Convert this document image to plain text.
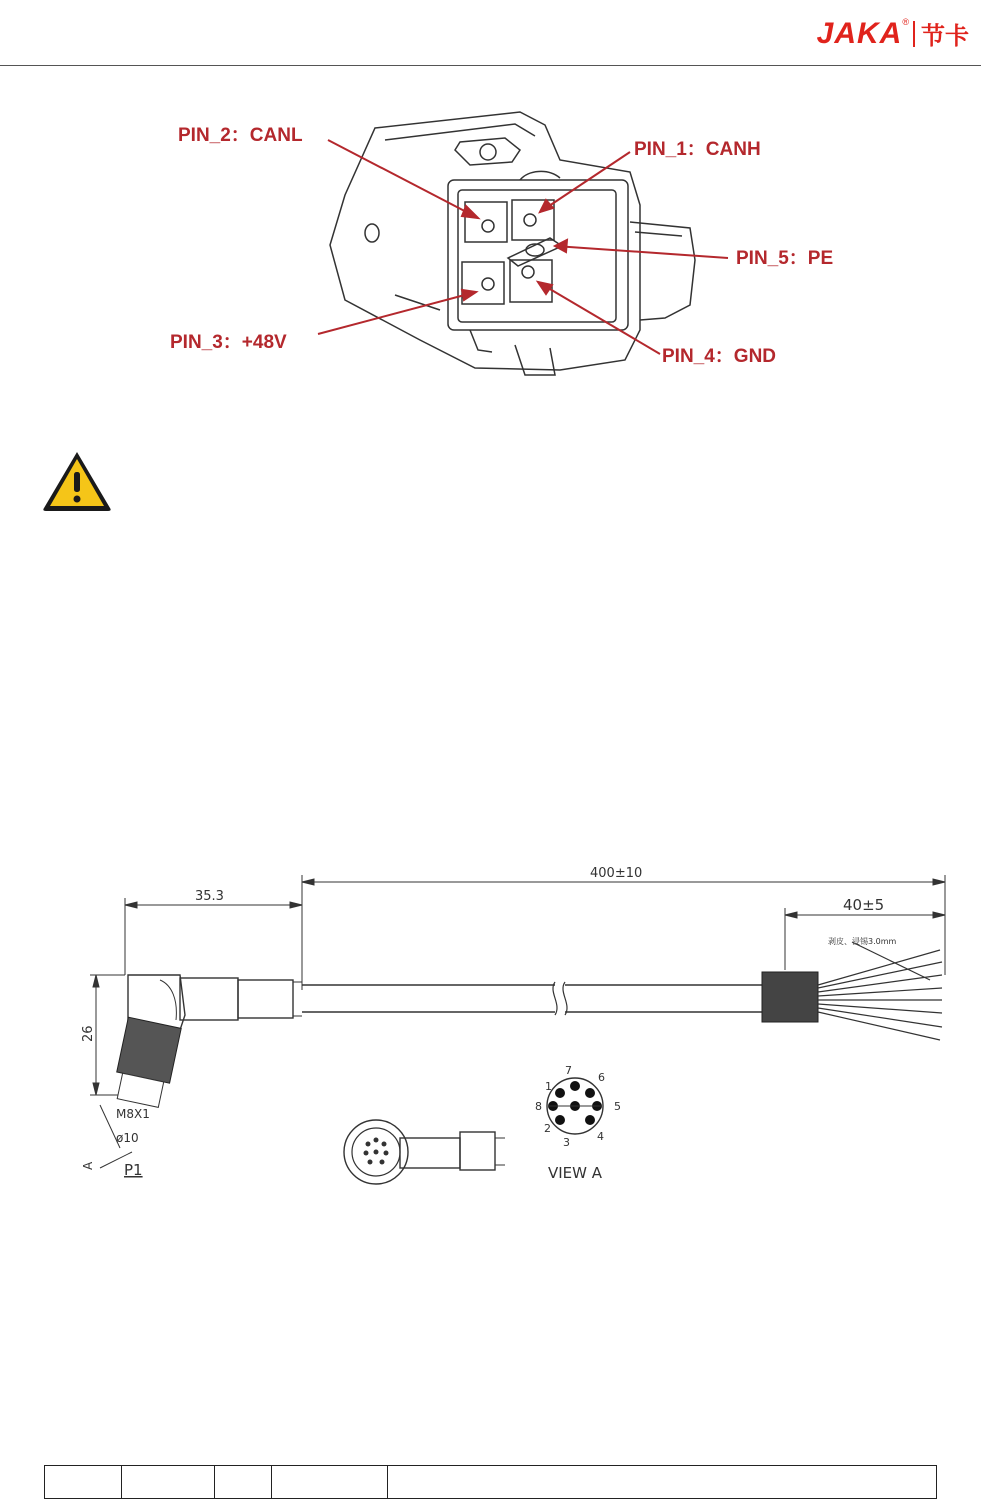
JAKA ®
节卡
PIN_2：CANL
PIN_1：CANH
PIN_5：PE
PIN_3：+48V
PIN_4：GND
400±10
35.3	40±5
剥皮、浸锡3.0mm
26
M8X1
ø10
A P1
7
6
1
8	5
2
4
3
VIEW A
